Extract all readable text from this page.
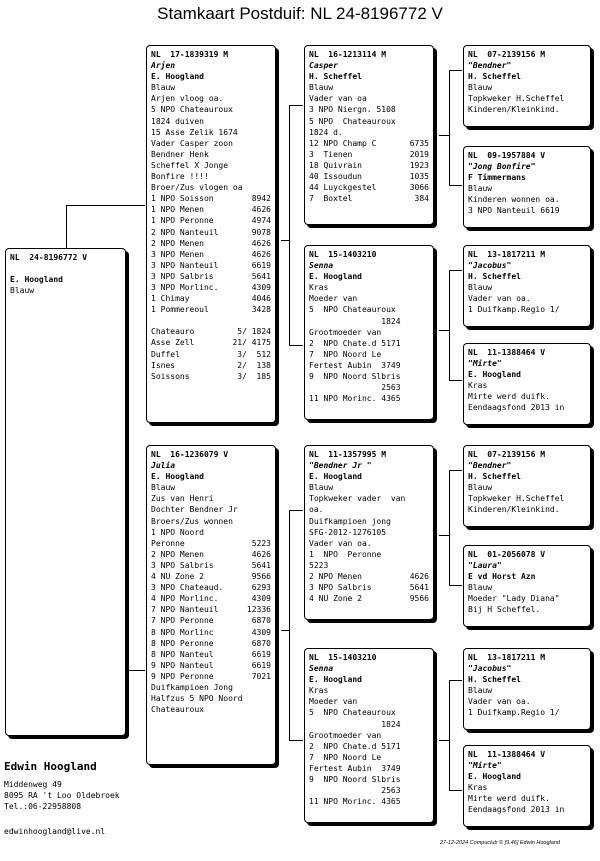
Stamkaart Postduif: NL 24-8196772 V
NL  24-8196772 V

E. Hoogland
Blauw
NL  17-1839319 M
Arjen
E. Hoogland
Blauw
Arjen vloog oa.
5 NPO Chateauroux
1824 duiven
15 Asse Zelik 1674
Vader Casper zoon
Bendner Henk
Scheffel X Jonge
Bonfire !!!!
Broer/Zus vlogen oa
1 NPO Soisson	8942
1 NPO Menen	4626
1 NPO Peronne	4974
2 NPO Nanteuil	9078
2 NPO Menen	4626
3 NPO Menen	4626
3 NPO Nanteuil	6619
3 NPO Salbris	5641
3 NPO Morlinc.	4309
1 Chimay	4046
1 Pommereoul	3428

Chateauro	5/ 1824
Asse Zell	21/ 4175
Duffel	3/  512
Isnes	2/  138
Soissons	3/  185
NL  16-1236079 V
Julia
E. Hoogland
Blauw
Zus van Henri
Dochter Bendner Jr
Broers/Zus wonnen
1 NPO Noord
Peronne	5223
2 NPO Menen	4626
3 NPO Salbris	5641
4 NU Zone 2	9566
3 NPO Chateaud.	6293
4 NPO Morlinc.	4309
7 NPO Nanteuil	12336
7 NPO Peronne	6870
8 NPO Morlinc	4309
8 NPO Peronne	6870
8 NPO Nanteul	6619
9 NPO Nanteul	6619
9 NPO Peronne	7021
Duifkampioen Jong
Halfzus 5 NPO Noord
Chateauroux
NL  16-1213114 M
Casper
H. Scheffel
Blauw
Vader van oa
3 NPO Niergn. 5108
5 NPO  Chateauroux
1824 d.
12 NPO Champ C	6735
3  Tienen	2019
18 Quivrain	1923
40 Issoudun	1035
44 Luyckgestel	3066
7  Boxtel	384
NL  15-1403210
Senna
E. Hoogland
Kras
Moeder van
5  NPO Chateauroux
1824
Grootmoeder van
2  NPO Chate.d 5171
7  NPO Noord Le
Fertest Aubin  3749
9  NPO Noord Slbris
2563
11 NPO Morinc. 4365
NL  11-1357995 M
"Bendner Jr "
E. Hoogland
Blauw
Topkweker vader  van
oa.
Duifkampioen jong
SFG-2012-1276105
Vader van oa.
1  NPO  Peronne
5223
2 NPO Menen	4626
3 NPO Salbris	5641
4 NU Zone 2	9566
NL  15-1403210
Senna
E. Hoogland
Kras
Moeder van
5  NPO Chateauroux
1824
Grootmoeder van
2  NPO Chate.d 5171
7  NPO Noord Le
Fertest Aubin  3749
9  NPO Noord Slbris
2563
11 NPO Morinc. 4365
NL  07-2139156 M
"Bendner"
H. Scheffel
Blauw
Topkweker H.Scheffel
Kinderen/Kleinkind.
NL  09-1957884 V
"Jong Bonfire"
F Timmermans
Blauw
Kinderen wonnen oa.
3 NPO Nanteuil 6619
NL  13-1817211 M
"Jacobus"
H. Scheffel
Blauw
Vader van oa.
1 Duifkamp.Regio 1/
NL  11-1388464 V
"Mirte"
E. Hoogland
Kras
Mirte werd duifk.
Eendaagsfond 2013 in
NL  07-2139156 M
"Bendner"
H. Scheffel
Blauw
Topkweker H.Scheffel
Kinderen/Kleinkind.
NL  01-2056078 V
"Laura"
E vd Horst Azn
Blauw
Moeder "Lady Diana"
Bij H Scheffel.
NL  13-1817211 M
"Jacobus"
H. Scheffel
Blauw
Vader van oa.
1 Duifkamp.Regio 1/
NL  11-1388464 V
"Mirte"
E. Hoogland
Kras
Mirte werd duifk.
Eendaagsfond 2013 in
Edwin Hoogland
Middenweg 49
8095 RA 't Loo Oldebroek
Tel.:06-22958808
edwinhoogland@live.nl
27-12-2024 Compuclub © [9.46] Edwin Hoogland
